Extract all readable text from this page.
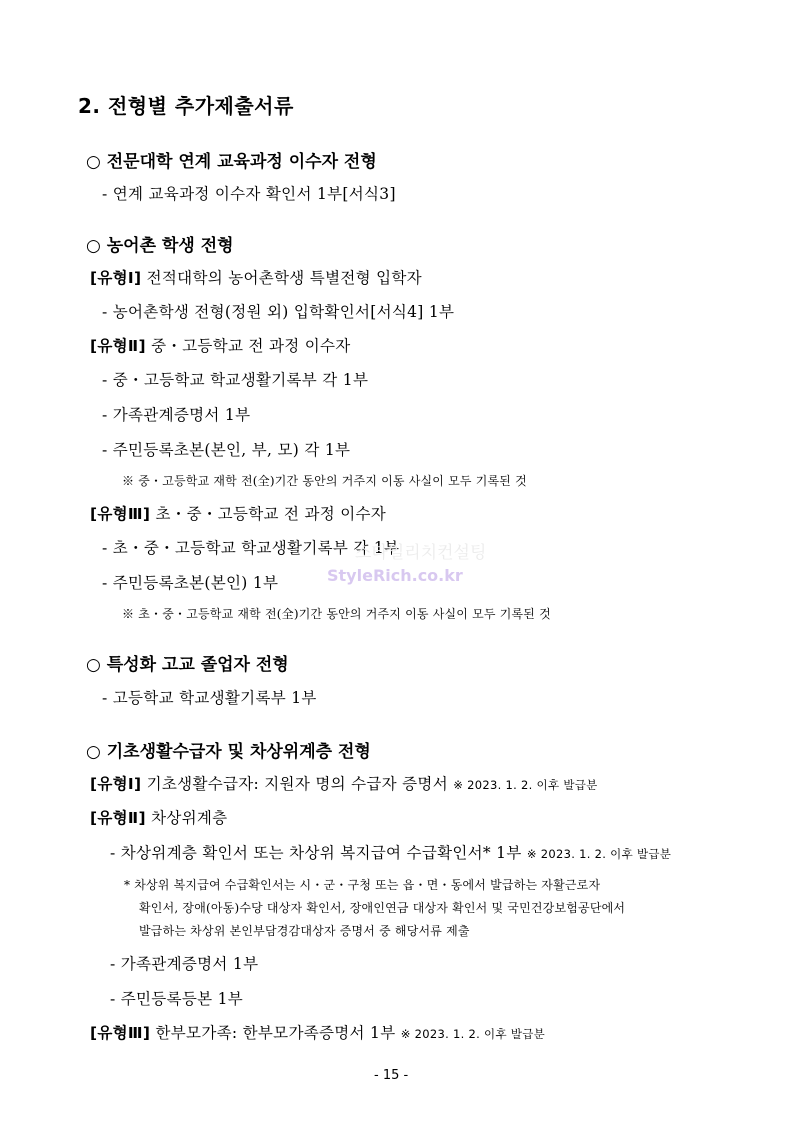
2. 전형별 추가제출서류
○ 전문대학 연계 교육과정 이수자 전형
- 연계 교육과정 이수자 확인서 1부[서식3]
○ 농어촌 학생 전형
[유형Ⅰ] 전적대학의 농어촌학생 특별전형 입학자
- 농어촌학생 전형(정원 외) 입학확인서[서식4] 1부
[유형Ⅱ] 중・고등학교 전 과정 이수자
- 중・고등학교 학교생활기록부 각 1부
- 가족관계증명서 1부
- 주민등록초본(본인, 부, 모) 각 1부
※ 중・고등학교 재학 전(全)기간 동안의 거주지 이동 사실이 모두 기록된 것
[유형Ⅲ] 초・중・고등학교 전 과정 이수자
- 초・중・고등학교 학교생활기록부 각 1부
- 주민등록초본(본인) 1부
※ 초・중・고등학교 재학 전(全)기간 동안의 거주지 이동 사실이 모두 기록된 것
스타일리치컨설팅
StyleRich.co.kr
○ 특성화 고교 졸업자 전형
- 고등학교 학교생활기록부 1부
○ 기초생활수급자 및 차상위계층 전형
[유형Ⅰ] 기초생활수급자: 지원자 명의 수급자 증명서 ※ 2023. 1. 2. 이후 발급분
[유형Ⅱ] 차상위계층
- 차상위계층 확인서 또는 차상위 복지급여 수급확인서* 1부 ※ 2023. 1. 2. 이후 발급분
* 차상위 복지급여 수급확인서는 시・군・구청 또는 읍・면・동에서 발급하는 자활근로자
확인서, 장애(아동)수당 대상자 확인서, 장애인연금 대상자 확인서 및 국민건강보험공단에서
발급하는 차상위 본인부담경감대상자 증명서 중 해당서류 제출
- 가족관계증명서 1부
- 주민등록등본 1부
[유형Ⅲ] 한부모가족: 한부모가족증명서 1부 ※ 2023. 1. 2. 이후 발급분
- 15 -
